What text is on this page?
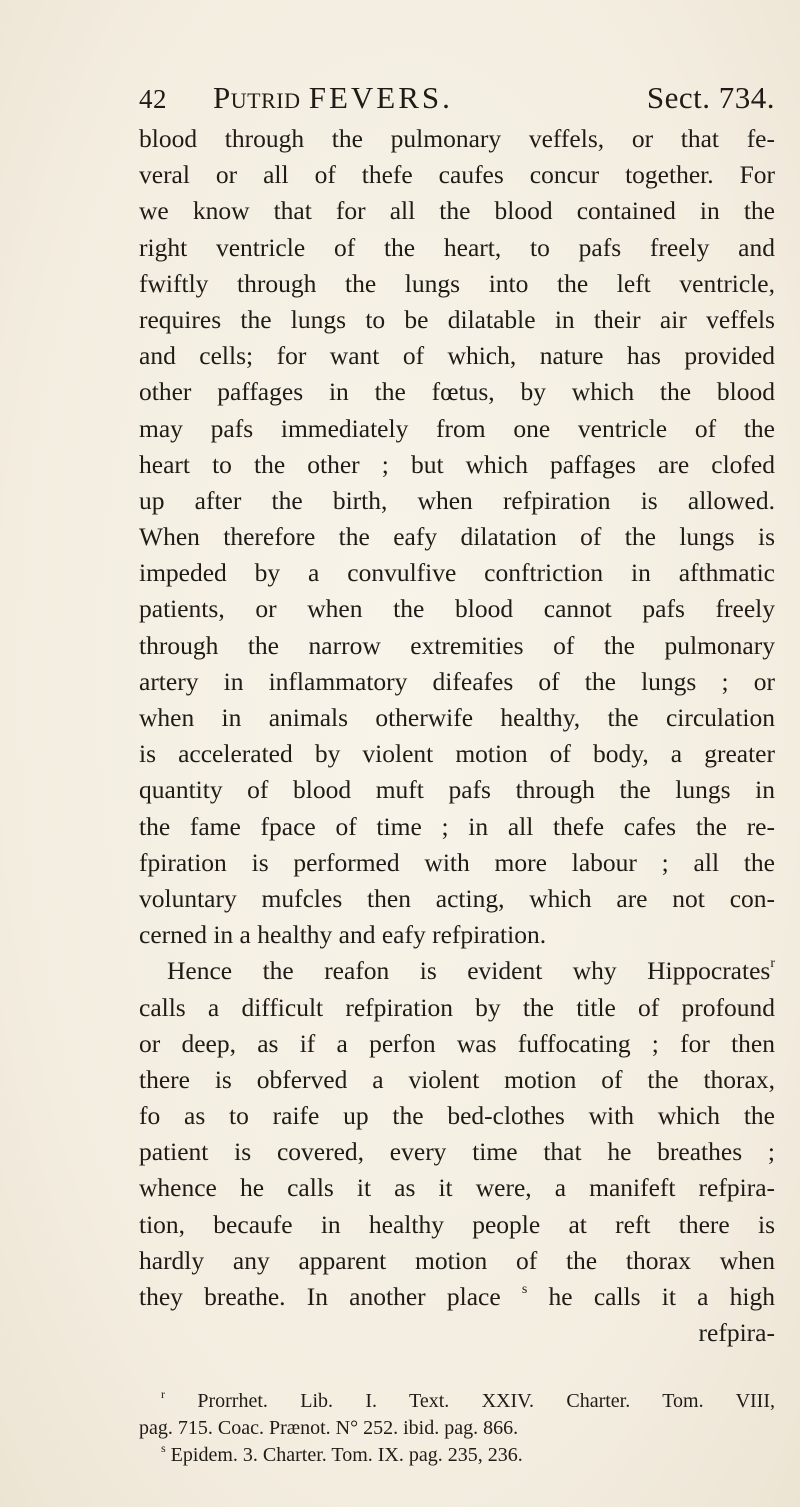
42 Putrid FEVERS.	Sect. 734.
blood through the pulmonary veffels, or that fe-
veral or all of thefe caufes concur together. For
we know that for all the blood contained in the
right ventricle of the heart, to pafs freely and
fwiftly through the lungs into the left ventricle,
requires the lungs to be dilatable in their air veffels
and cells; for want of which, nature has provided
other paffages in the fœtus, by which the blood
may pafs immediately from one ventricle of the
heart to the other ; but which paffages are clofed
up after the birth, when refpiration is allowed.
When therefore the eafy dilatation of the lungs is
impeded by a convulfive conftriction in afthmatic
patients, or when the blood cannot pafs freely
through the narrow extremities of the pulmonary
artery in inflammatory difeafes of the lungs ; or
when in animals otherwife healthy, the circulation
is accelerated by violent motion of body, a greater
quantity of blood muft pafs through the lungs in
the fame fpace of time ; in all thefe cafes the re-
fpiration is performed with more labour ; all the
voluntary mufcles then acting, which are not con-
cerned in a healthy and eafy refpiration.
Hence the reafon is evident why Hippocrates$^r$
calls a difficult refpiration by the title of profound
or deep, as if a perfon was fuffocating ; for then
there is obferved a violent motion of the thorax,
fo as to raife up the bed-clothes with which the
patient is covered, every time that he breathes ;
whence he calls it as it were, a manifeft refpira-
tion, becaufe in healthy people at reft there is
hardly any apparent motion of the thorax when
they breathe. In another place $^s$ he calls it a high
refpira-
$^r$ Prorrhet. Lib. I. Text. XXIV. Charter. Tom. VIII,
pag. 715. Coac. Prænot. N° 252. ibid. pag. 866.
$^s$ Epidem. 3. Charter. Tom. IX. pag. 235, 236.
